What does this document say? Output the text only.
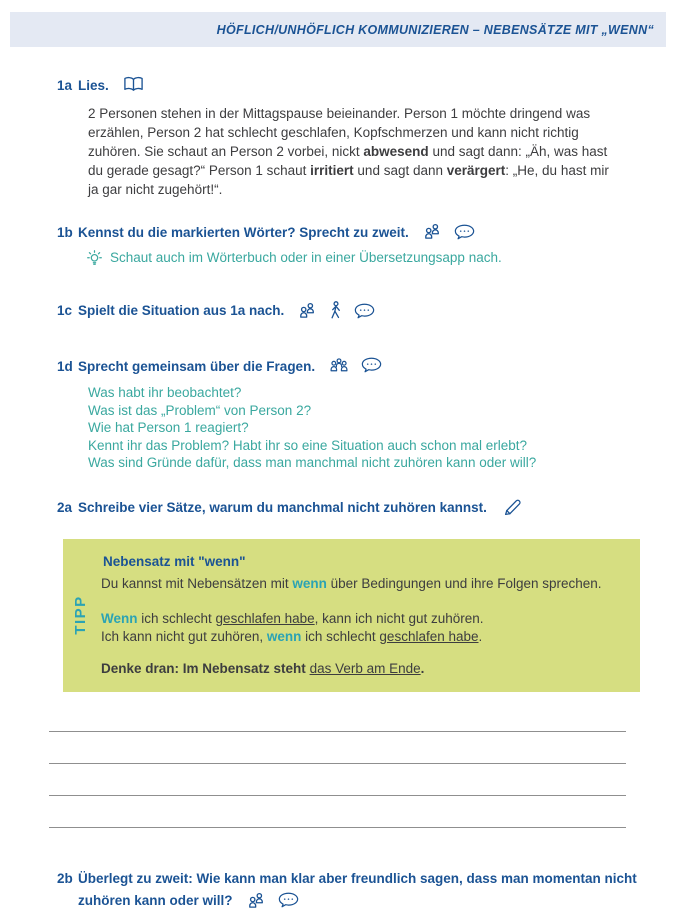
HÖFLICH/UNHÖFLICH KOMMUNIZIEREN – NEBENSÄTZE MIT „WENN“
1a Lies.

2 Personen stehen in der Mittagspause beieinander. Person 1 möchte dringend was erzählen, Person 2 hat schlecht geschlafen, Kopfschmerzen und kann nicht richtig zuhören. Sie schaut an Person 2 vorbei, nickt abwesend und sagt dann: „Äh, was hast du gerade gesagt?“ Person 1 schaut irritiert und sagt dann verärgert: „He, du hast mir ja gar nicht zugehört!“.

1b Kennst du die markierten Wörter? Sprecht zu zweit.
Schaut auch im Wörterbuch oder in einer Übersetzungsapp nach.
1c Spielt die Situation aus 1a nach.
1d Sprecht gemeinsam über die Fragen.
Was habt ihr beobachtet?
Was ist das „Problem“ von Person 2?
Wie hat Person 1 reagiert?
Kennt ihr das Problem? Habt ihr so eine Situation auch schon mal erlebt?
Was sind Gründe dafür, dass man manchmal nicht zuhören kann oder will?
2a Schreibe vier Sätze, warum du manchmal nicht zuhören kannst.
TIPP
Nebensatz mit "wenn"
Du kannst mit Nebensätzen mit wenn über Bedingungen und ihre Folgen sprechen.
Wenn ich schlecht geschlafen habe, kann ich nicht gut zuhören.
Ich kann nicht gut zuhören, wenn ich schlecht geschlafen habe.
Denke dran: Im Nebensatz steht das Verb am Ende.
2b Überlegt zu zweit: Wie kann man klar aber freundlich sagen, dass man momentan nicht
zuhören kann oder will?
